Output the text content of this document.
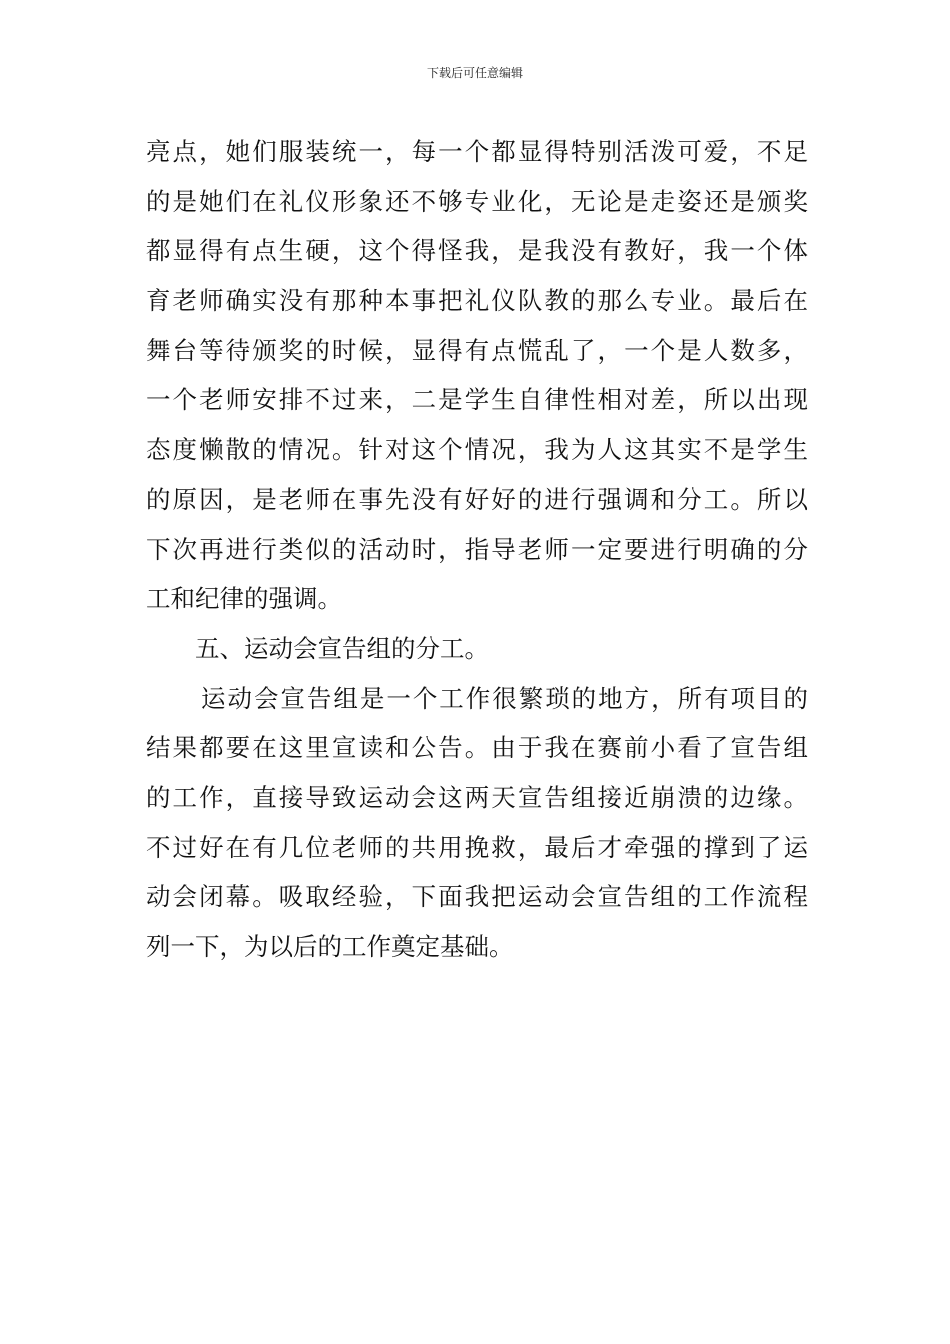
下载后可任意编辑
亮点，她们服装统一，每一个都显得特别活泼可爱，不足
的是她们在礼仪形象还不够专业化，无论是走姿还是颁奖
都显得有点生硬，这个得怪我，是我没有教好，我一个体
育老师确实没有那种本事把礼仪队教的那么专业。最后在
舞台等待颁奖的时候，显得有点慌乱了，一个是人数多，
一个老师安排不过来，二是学生自律性相对差，所以出现
态度懒散的情况。针对这个情况，我为人这其实不是学生
的原因，是老师在事先没有好好的进行强调和分工。所以
下次再进行类似的活动时，指导老师一定要进行明确的分
工和纪律的强调。
五、运动会宣告组的分工。
运动会宣告组是一个工作很繁琐的地方，所有项目的
结果都要在这里宣读和公告。由于我在赛前小看了宣告组
的工作，直接导致运动会这两天宣告组接近崩溃的边缘。
不过好在有几位老师的共用挽救，最后才牵强的撑到了运
动会闭幕。吸取经验，下面我把运动会宣告组的工作流程
列一下，为以后的工作奠定基础。
